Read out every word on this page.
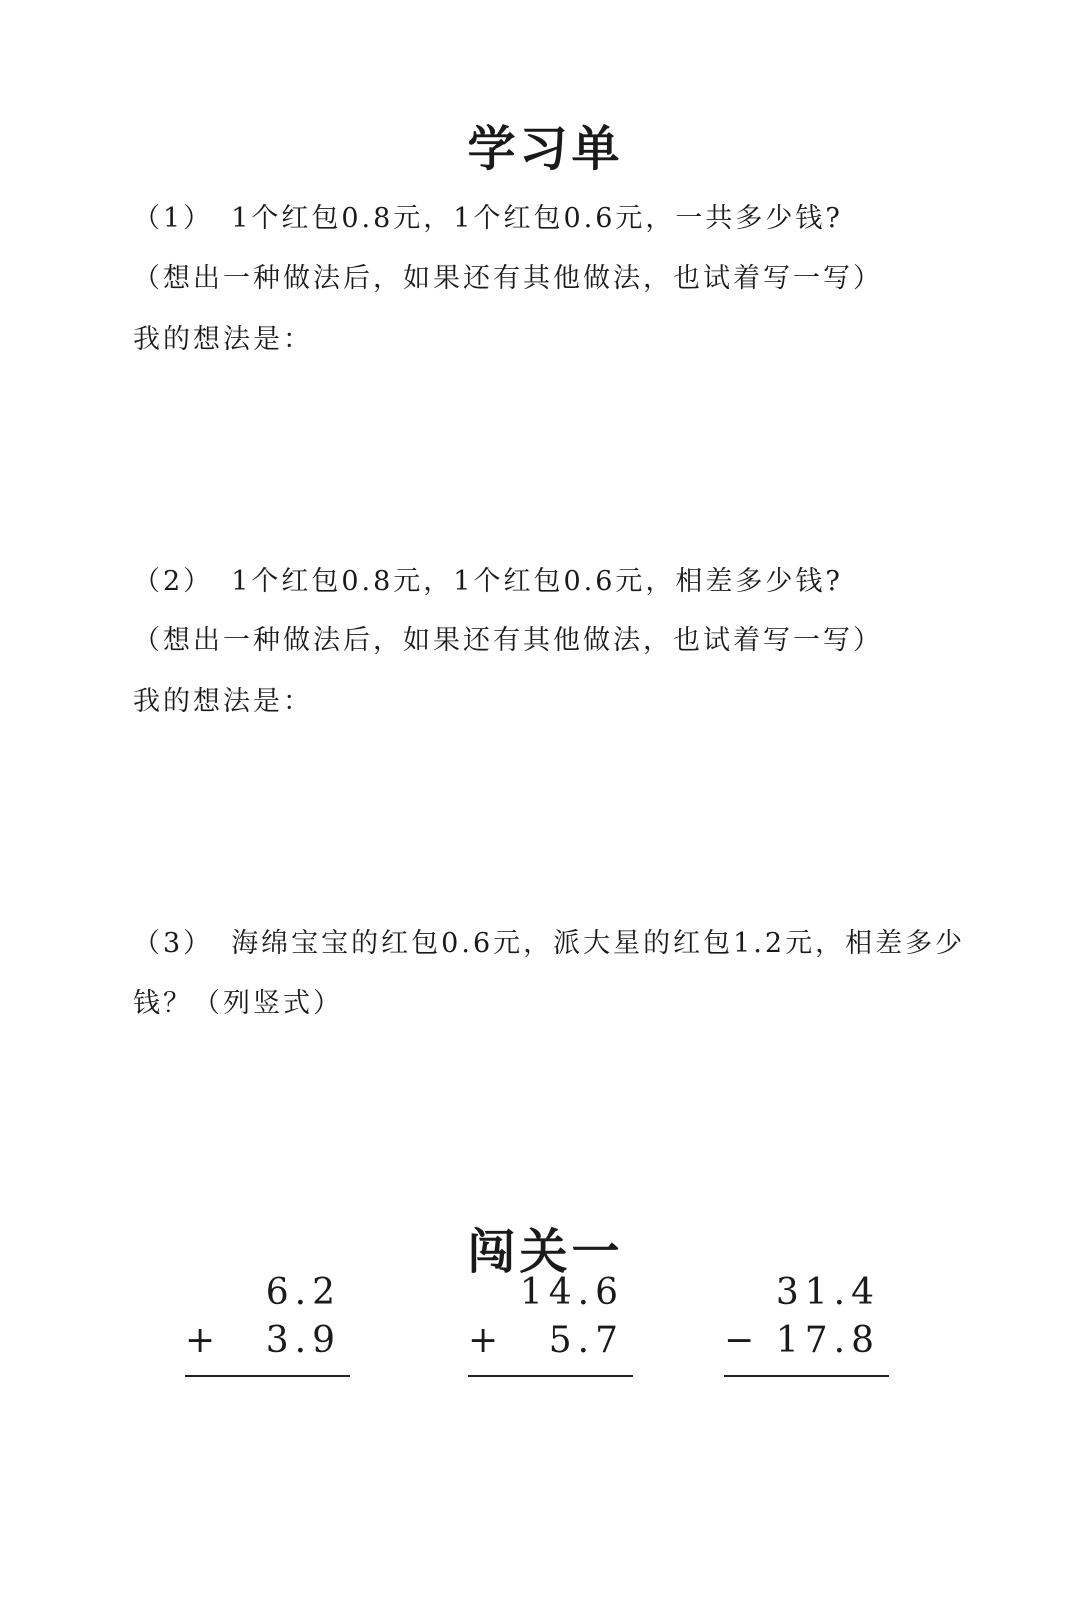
学习单
（1） 1个红包0.8元，1个红包0.6元，一共多少钱?
（想出一种做法后，如果还有其他做法，也试着写一写）
我的想法是：
（2） 1个红包0.8元，1个红包0.6元，相差多少钱?
（想出一种做法后，如果还有其他做法，也试着写一写）
我的想法是：
（3） 海绵宝宝的红包0.6元，派大星的红包1.2元，相差多少
钱？（列竖式）
闯关一
6.2
+ 3.9
14.6
+ 5.7
31.4
− 17.8
